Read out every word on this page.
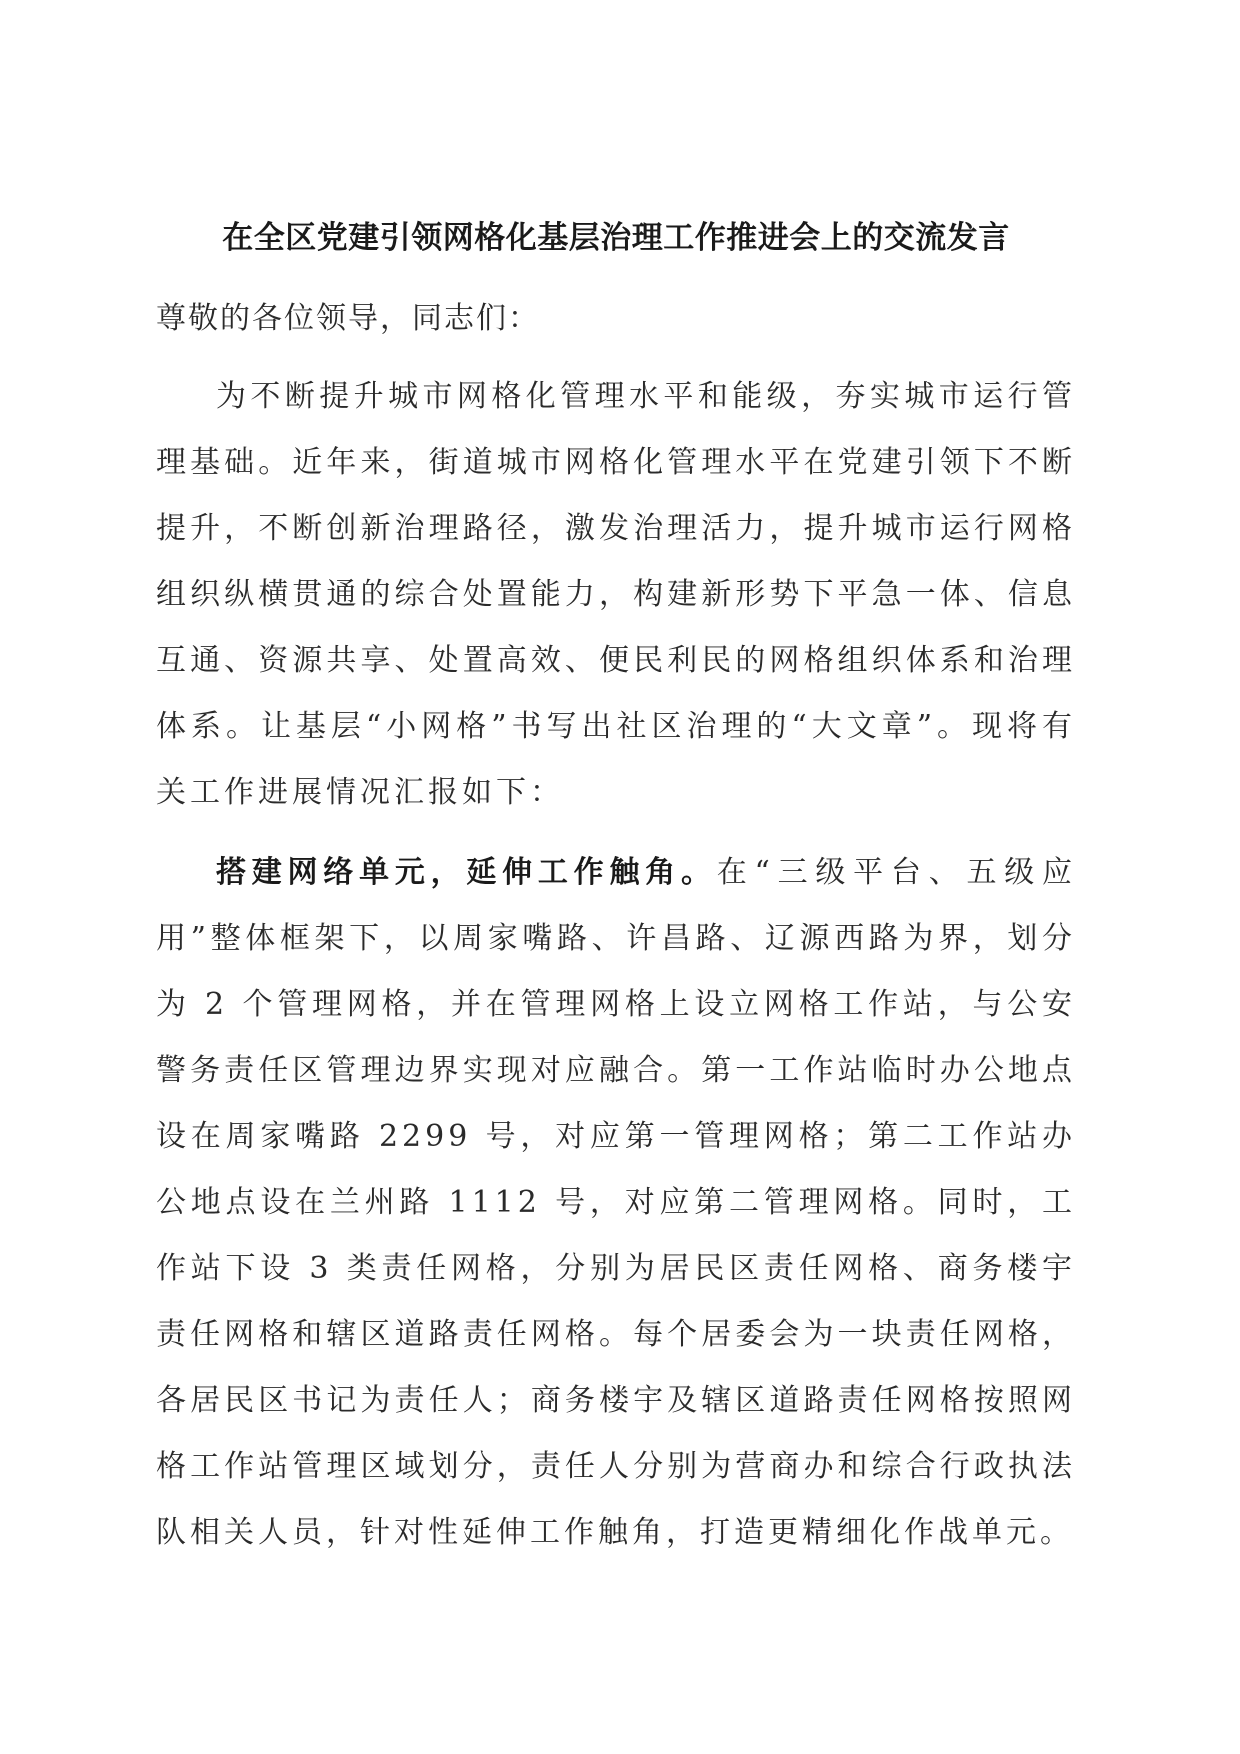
在全区党建引领网格化基层治理工作推进会上的交流发言

尊敬的各位领导，同志们：

为不断提升城市网格化管理水平和能级，夯实城市运行管理基础。近年来，街道城市网格化管理水平在党建引领下不断提升，不断创新治理路径，激发治理活力，提升城市运行网格组织纵横贯通的综合处置能力，构建新形势下平急一体、信息互通、资源共享、处置高效、便民利民的网格组织体系和治理体系。让基层“小网格”书写出社区治理的“大文章”。现将有关工作进展情况汇报如下：

搭建网络单元，延伸工作触角。在“三级平台、五级应用”整体框架下，以周家嘴路、许昌路、辽源西路为界，划分为 2 个管理网格，并在管理网格上设立网格工作站，与公安警务责任区管理边界实现对应融合。第一工作站临时办公地点设在周家嘴路 2299 号，对应第一管理网格；第二工作站办公地点设在兰州路 1112 号，对应第二管理网格。同时，工作站下设 3 类责任网格，分别为居民区责任网格、商务楼宇责任网格和辖区道路责任网格。每个居委会为一块责任网格，各居民区书记为责任人；商务楼宇及辖区道路责任网格按照网格工作站管理区域划分，责任人分别为营商办和综合行政执法队相关人员，针对性延伸工作触角，打造更精细化作战单元。
